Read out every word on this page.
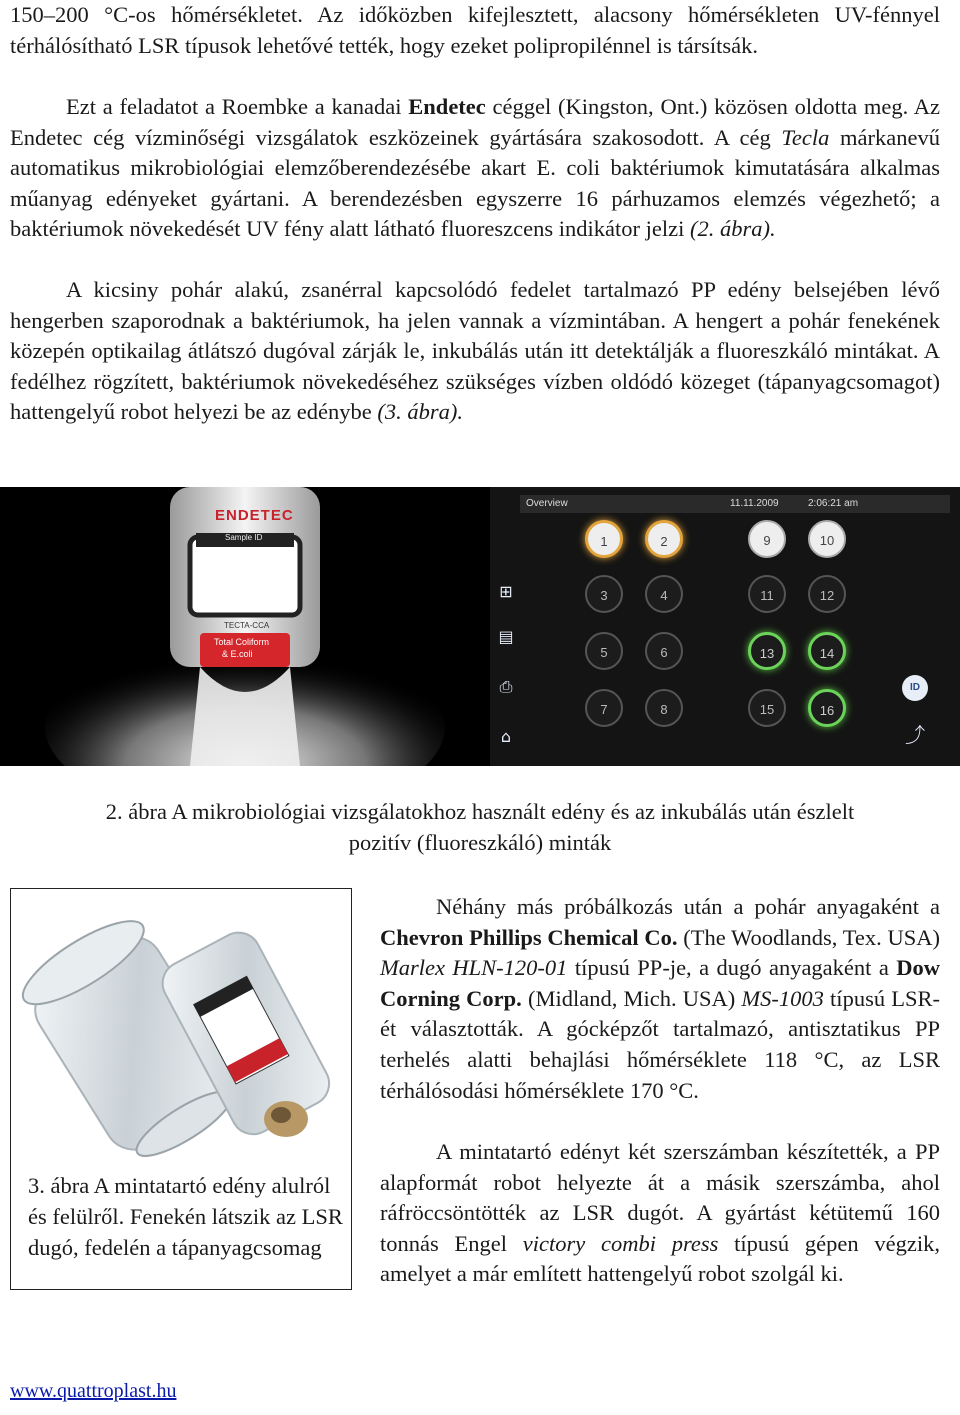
150–200 °C-os hőmérsékletet. Az időközben kifejlesztett, alacsony hőmérsékleten UV-fénnyel térhálósítható LSR típusok lehetővé tették, hogy ezeket polipropilénnel is társítsák.

Ezt a feladatot a Roembke a kanadai Endetec céggel (Kingston, Ont.) közösen oldotta meg. Az Endetec cég vízminőségi vizsgálatok eszközeinek gyártására szakosodott. A cég Tecla márkanevű automatikus mikrobiológiai elemzőberendezésébe akart E. coli baktériumok kimutatására alkalmas műanyag edényeket gyártani. A berendezésben egyszerre 16 párhuzamos elemzés végezhető; a baktériumok növekedését UV fény alatt látható fluoreszcens indikátor jelzi (2. ábra).

A kicsiny pohár alakú, zsanérral kapcsolódó fedelet tartalmazó PP edény belsejében lévő hengerben szaporodnak a baktériumok, ha jelen vannak a vízmintában. A hengert a pohár fenekének közepén optikailag átlátszó dugóval zárják le, inkubálás után itt detektálják a fluoreszkáló mintákat. A fedélhez rögzített, baktériumok növekedéséhez szükséges vízben oldódó közeget (tápanyagcsomagot) hattengelyű robot helyezi be az edénybe (3. ábra).

ENDETEC
Sample ID
TECTA-CCA
Total Coliform
& E.coli
Overview	11.11.2009	2:06:21 am
⊞
▤
⎙
⌂
1
3
5
7
2
4
6
8
9
11
13
15
10
12
14
16
ID
⤴
2. ábra A mikrobiológiai vizsgálatokhoz használt edény és az inkubálás után észlelt
pozitív (fluoreszkáló) minták
3. ábra A mintatartó edény alulról és felülről. Fenekén látszik az LSR dugó, fedelén a tápanyagcsomag

Néhány más próbálkozás után a pohár anyagaként a Chevron Phillips Chemical Co. (The Woodlands, Tex. USA) Marlex HLN-120-01 típusú PP-je, a dugó anyagaként a Dow Corning Corp. (Midland, Mich. USA) MS-1003 típusú LSR-ét választották. A gócképzőt tartalmazó, antisztatikus PP terhelés alatti behajlási hőmérséklete 118 °C, az LSR térhálósodási hőmérséklete 170 °C.

A mintatartó edényt két szerszámban készítették, a PP alapformát robot helyezte át a másik szerszámba, ahol ráfröccsöntötték az LSR dugót. A gyártást kétütemű 160 tonnás Engel victory combi press típusú gépen végzik, amelyet a már említett hattengelyű robot szolgál ki.

www.quattroplast.hu
